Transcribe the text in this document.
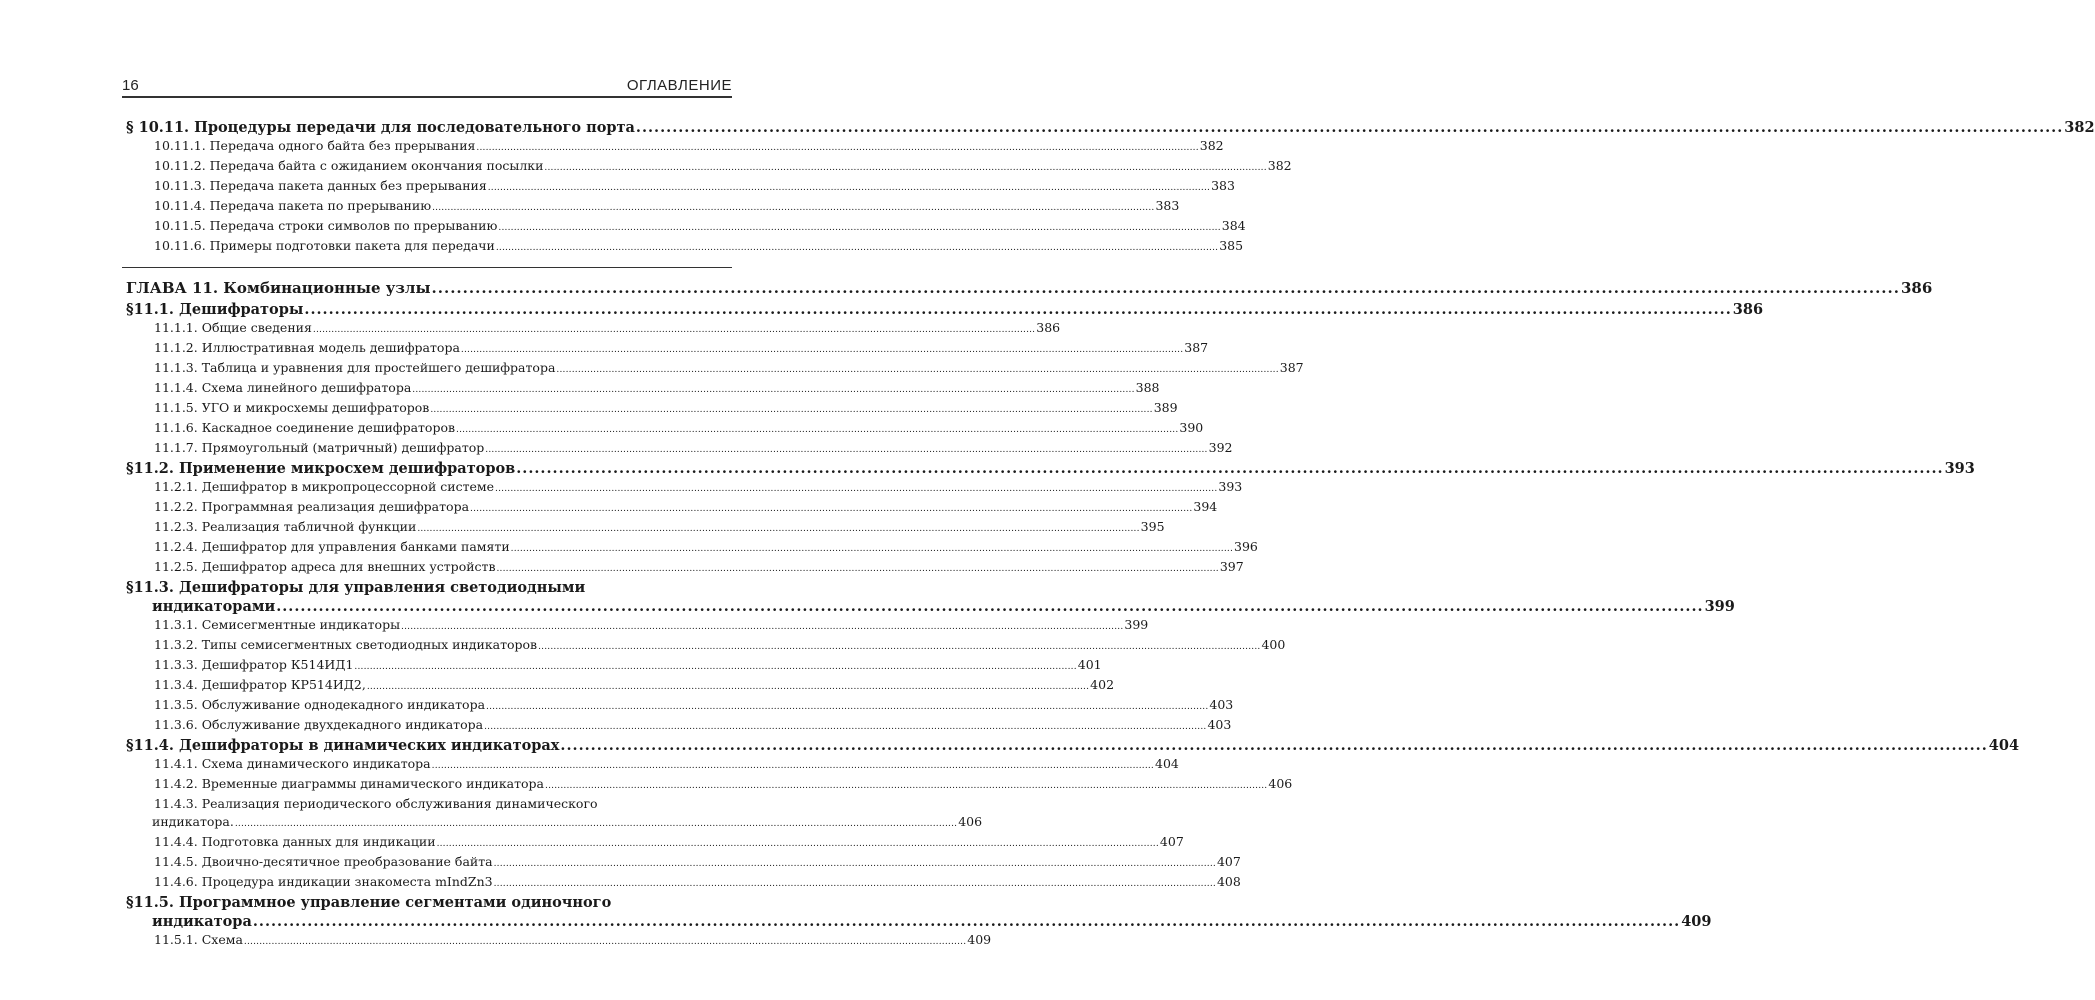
16	ОГЛАВЛЕНИЕ
§ 10.11. Процедуры передачи для последовательного порта .....	382
10.11.1. Передача одного байта без прерывания .....	382
10.11.2. Передача байта с ожиданием окончания посылки .....	382
10.11.3. Передача пакета данных без прерывания .....	383
10.11.4. Передача пакета по прерыванию .....	383
10.11.5. Передача строки символов по прерыванию .....	384
10.11.6. Примеры подготовки пакета для передачи .....	385
ГЛАВА 11. Комбинационные узлы .....	386
§11.1. Дешифраторы .....	386
11.1.1. Общие сведения .....	386
11.1.2. Иллюстративная модель дешифратора .....	387
11.1.3. Таблица и уравнения для простейшего дешифратора .....	387
11.1.4. Схема линейного дешифратора .....	388
11.1.5. УГО и микросхемы дешифраторов .....	389
11.1.6. Каскадное соединение дешифраторов .....	390
11.1.7. Прямоугольный (матричный) дешифратор .....	392
§11.2. Применение микросхем дешифраторов .....	393
11.2.1. Дешифратор в микропроцессорной системе .....	393
11.2.2. Программная реализация дешифратора .....	394
11.2.3. Реализация табличной функции .....	395
11.2.4. Дешифратор для управления банками памяти .....	396
11.2.5. Дешифратор адреса для внешних устройств .....	397
§11.3. Дешифраторы для управления светодиодными
индикаторами .....	399
11.3.1. Семисегментные индикаторы .....	399
11.3.2. Типы семисегментных светодиодных индикаторов .....	400
11.3.3. Дешифратор К514ИД1 .....	401
11.3.4. Дешифратор КР514ИД2, .....	402
11.3.5. Обслуживание однодекадного индикатора .....	403
11.3.6. Обслуживание двухдекадного индикатора .....	403
§11.4. Дешифраторы в динамических индикаторах .....	404
11.4.1. Схема динамического индикатора .....	404
11.4.2. Временные диаграммы динамического индикатора .....	406
11.4.3. Реализация периодического обслуживания динамического
индикатора. .....	406
11.4.4. Подготовка данных для индикации .....	407
11.4.5. Двоично-десятичное преобразование байта .....	407
11.4.6. Процедура индикации знакоместа mIndZn3 .....	408
§11.5. Программное управление сегментами одиночного
индикатора .....	409
11.5.1. Схема .....	409
